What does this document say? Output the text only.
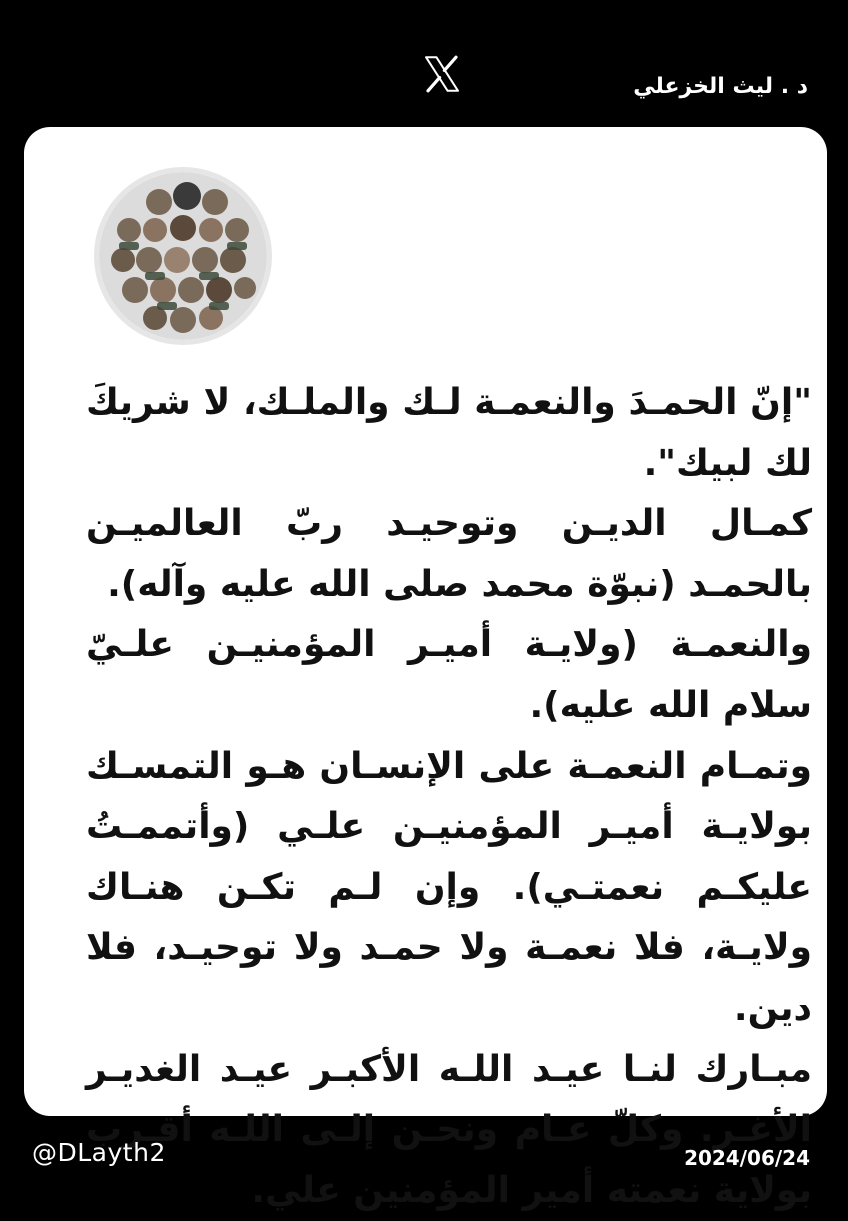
د . ليث الخزعلي

"إنّ الحمـدَ والنعمـة لـك والملـك، لا شريكَ لك لبيك".

كمـال الديـن وتوحيـد ربّ العالميـن بالحمـد (نبوّة محمد صلى الله عليه وآله).

والنعمـة (ولايـة أميـر المؤمنيـن علـيّ سلام الله عليه).

وتمـام النعمـة على الإنسـان هـو التمسـك بولايـة أميـر المؤمنيـن علـي (وأتممـتُ عليكـم نعمتـي). وإن لـم تكـن هنـاك ولايـة، فلا نعمـة ولا حمـد ولا توحيـد، فلا دين.

مبـارك لنـا عيـد اللـه الأكبـر عيـد الغديـر الأغـر. وكلّ عـام ونحـن إلـى اللـه أقـرب بولاية نعمته أمير المؤمنين علي.

@DLayth2	2024/06/24
